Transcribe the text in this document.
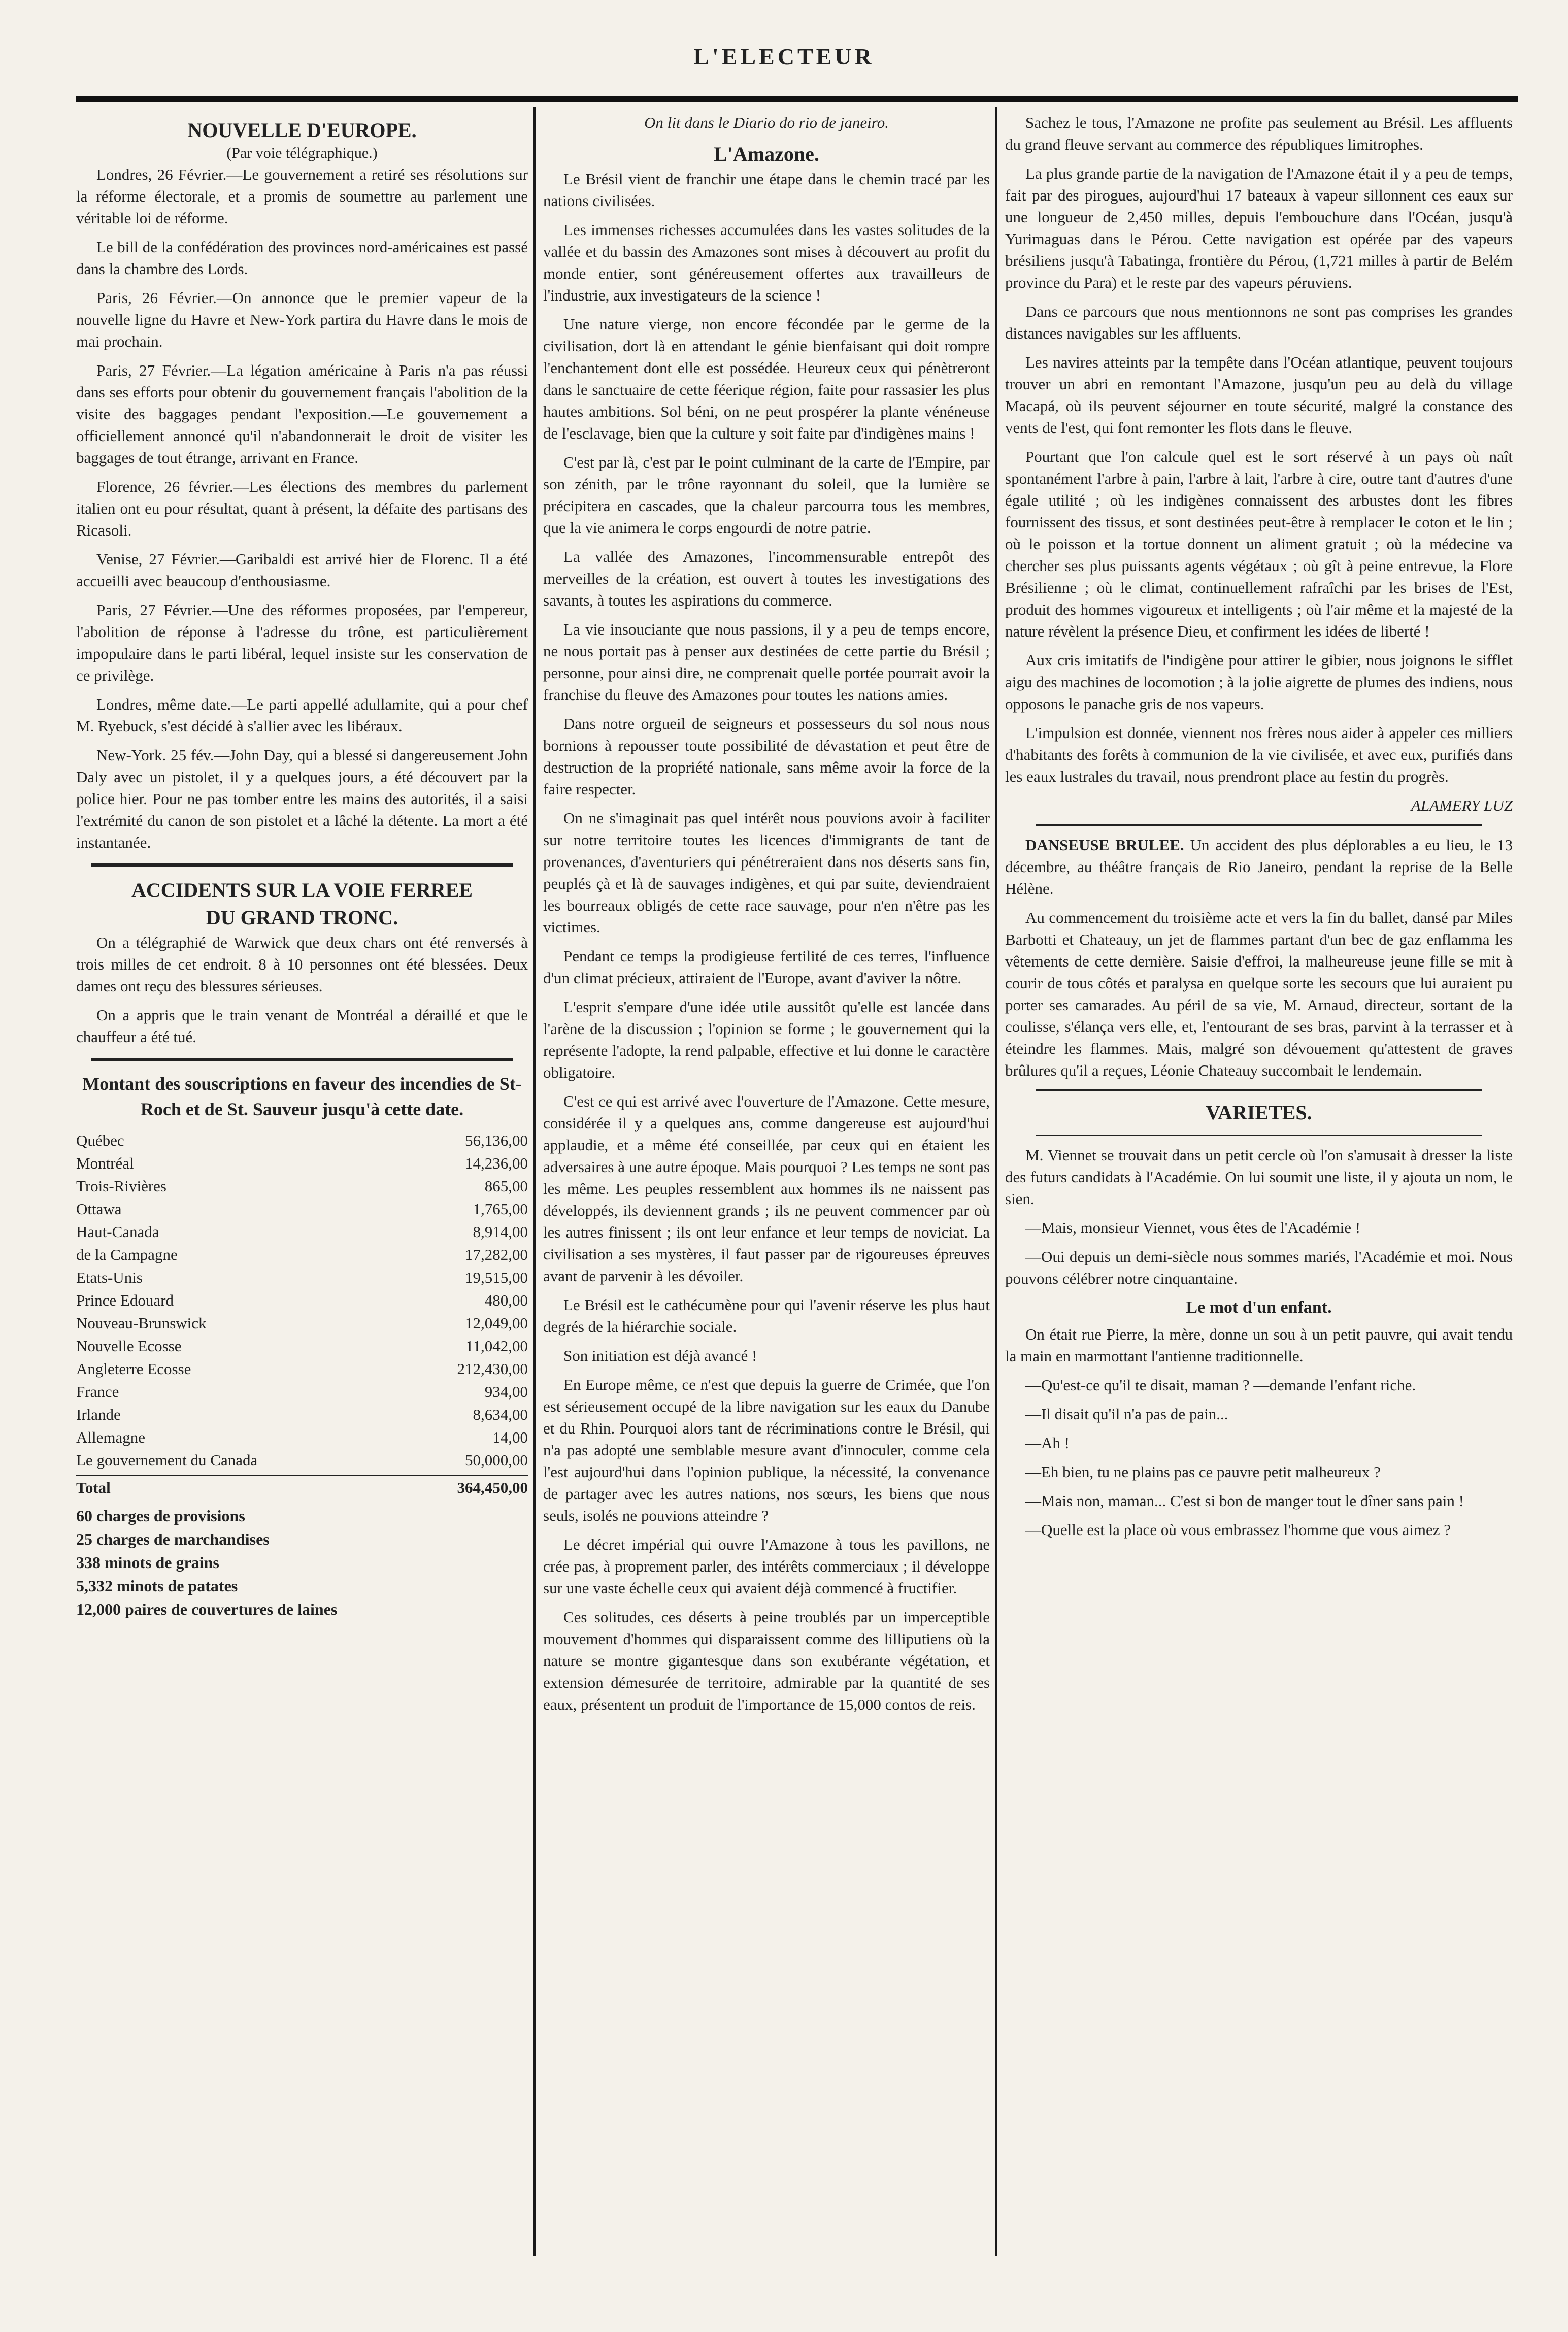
L'ELECTEUR
NOUVELLE D'EUROPE.
(Par voie télégraphique.)

Londres, 26 Février.—Le gouvernement a retiré ses résolutions sur la réforme électorale, et a promis de soumettre au parlement une véritable loi de réforme.

Le bill de la confédération des provinces nord-américaines est passé dans la chambre des Lords.

Paris, 26 Février.—On annonce que le premier vapeur de la nouvelle ligne du Havre et New-York partira du Havre dans le mois de mai prochain.

Paris, 27 Février.—La légation américaine à Paris n'a pas réussi dans ses efforts pour obtenir du gouvernement français l'abolition de la visite des baggages pendant l'exposition.—Le gouvernement a officiellement annoncé qu'il n'abandonnerait le droit de visiter les baggages de tout étrange, arrivant en France.

Florence, 26 février.—Les élections des membres du parlement italien ont eu pour résultat, quant à présent, la défaite des partisans des Ricasoli.

Venise, 27 Février.—Garibaldi est arrivé hier de Florenc. Il a été accueilli avec beaucoup d'enthousiasme.

Paris, 27 Février.—Une des réformes proposées, par l'empereur, l'abolition de réponse à l'adresse du trône, est particulièrement impopulaire dans le parti libéral, lequel insiste sur les conservation de ce privilège.

Londres, même date.—Le parti appellé adullamite, qui a pour chef M. Ryebuck, s'est décidé à s'allier avec les libéraux.

New-York. 25 fév.—John Day, qui a blessé si dangereusement John Daly avec un pistolet, il y a quelques jours, a été découvert par la police hier. Pour ne pas tomber entre les mains des autorités, il a saisi l'extrémité du canon de son pistolet et a lâché la détente. La mort a été instantanée.

ACCIDENTS SUR LA VOIE FERREE
DU GRAND TRONC.

On a télégraphié de Warwick que deux chars ont été renversés à trois milles de cet endroit. 8 à 10 personnes ont été blessées. Deux dames ont reçu des blessures sérieuses.

On a appris que le train venant de Montréal a déraillé et que le chauffeur a été tué.

Montant des souscriptions en faveur des incendies de St-Roch et de St. Sauveur jusqu'à cette date.
Québec	56,136,00
Montréal	14,236,00
Trois-Rivières	865,00
Ottawa	1,765,00
Haut-Canada	8,914,00
de la Campagne	17,282,00
Etats-Unis	19,515,00
Prince Edouard	480,00
Nouveau-Brunswick	12,049,00
Nouvelle Ecosse	11,042,00
Angleterre Ecosse	212,430,00
France	934,00
Irlande	8,634,00
Allemagne	14,00
Le gouvernement du Canada	50,000,00
Total	364,450,00
60 charges de provisions
25 charges de marchandises
338 minots de grains
5,332 minots de patates
12,000 paires de couvertures de laines

On lit dans le Diario do rio de janeiro.

L'Amazone.

Le Brésil vient de franchir une étape dans le chemin tracé par les nations civilisées.

Les immenses richesses accumulées dans les vastes solitudes de la vallée et du bassin des Amazones sont mises à découvert au profit du monde entier, sont généreusement offertes aux travailleurs de l'industrie, aux investigateurs de la science !

Une nature vierge, non encore fécondée par le germe de la civilisation, dort là en attendant le génie bienfaisant qui doit rompre l'enchantement dont elle est possédée. Heureux ceux qui pénètreront dans le sanctuaire de cette féerique région, faite pour rassasier les plus hautes ambitions. Sol béni, on ne peut prospérer la plante vénéneuse de l'esclavage, bien que la culture y soit faite par d'indigènes mains !

C'est par là, c'est par le point culminant de la carte de l'Empire, par son zénith, par le trône rayonnant du soleil, que la lumière se précipitera en cascades, que la chaleur parcourra tous les membres, que la vie animera le corps engourdi de notre patrie.

La vallée des Amazones, l'incommensurable entrepôt des merveilles de la création, est ouvert à toutes les investigations des savants, à toutes les aspirations du commerce.

La vie insouciante que nous passions, il y a peu de temps encore, ne nous portait pas à penser aux destinées de cette partie du Brésil ; personne, pour ainsi dire, ne comprenait quelle portée pourrait avoir la franchise du fleuve des Amazones pour toutes les nations amies.

Dans notre orgueil de seigneurs et possesseurs du sol nous nous bornions à repousser toute possibilité de dévastation et peut être de destruction de la propriété nationale, sans même avoir la force de la faire respecter.

On ne s'imaginait pas quel intérêt nous pouvions avoir à faciliter sur notre territoire toutes les licences d'immigrants de tant de provenances, d'aventuriers qui pénétreraient dans nos déserts sans fin, peuplés çà et là de sauvages indigènes, et qui par suite, deviendraient les bourreaux obligés de cette race sauvage, pour n'en n'être pas les victimes.

Pendant ce temps la prodigieuse fertilité de ces terres, l'influence d'un climat précieux, attiraient de l'Europe, avant d'aviver la nôtre.

L'esprit s'empare d'une idée utile aussitôt qu'elle est lancée dans l'arène de la discussion ; l'opinion se forme ; le gouvernement qui la représente l'adopte, la rend palpable, effective et lui donne le caractère obligatoire.

C'est ce qui est arrivé avec l'ouverture de l'Amazone. Cette mesure, considérée il y a quelques ans, comme dangereuse est aujourd'hui applaudie, et a même été conseillée, par ceux qui en étaient les adversaires à une autre époque. Mais pourquoi ? Les temps ne sont pas les même. Les peuples ressemblent aux hommes ils ne naissent pas développés, ils deviennent grands ; ils ne peuvent commencer par où les autres finissent ; ils ont leur enfance et leur temps de noviciat. La civilisation a ses mystères, il faut passer par de rigoureuses épreuves avant de parvenir à les dévoiler.

Le Brésil est le cathécumène pour qui l'avenir réserve les plus haut degrés de la hiérarchie sociale.

Son initiation est déjà avancé !

En Europe même, ce n'est que depuis la guerre de Crimée, que l'on est sérieusement occupé de la libre navigation sur les eaux du Danube et du Rhin. Pourquoi alors tant de récriminations contre le Brésil, qui n'a pas adopté une semblable mesure avant d'innoculer, comme cela l'est aujourd'hui dans l'opinion publique, la nécessité, la convenance de partager avec les autres nations, nos sœurs, les biens que nous seuls, isolés ne pouvions atteindre ?

Le décret impérial qui ouvre l'Amazone à tous les pavillons, ne crée pas, à proprement parler, des intérêts commerciaux ; il développe sur une vaste échelle ceux qui avaient déjà commencé à fructifier.

Ces solitudes, ces déserts à peine troublés par un imperceptible mouvement d'hommes qui disparaissent comme des lilliputiens où la nature se montre gigantesque dans son exubérante végétation, et extension démesurée de territoire, admirable par la quantité de ses eaux, présentent un produit de l'importance de 15,000 contos de reis.

Sachez le tous, l'Amazone ne profite pas seulement au Brésil. Les affluents du grand fleuve servant au commerce des républiques limitrophes.

La plus grande partie de la navigation de l'Amazone était il y a peu de temps, fait par des pirogues, aujourd'hui 17 bateaux à vapeur sillonnent ces eaux sur une longueur de 2,450 milles, depuis l'embouchure dans l'Océan, jusqu'à Yurimaguas dans le Pérou. Cette navigation est opérée par des vapeurs brésiliens jusqu'à Tabatinga, frontière du Pérou, (1,721 milles à partir de Belém province du Para) et le reste par des vapeurs péruviens.

Dans ce parcours que nous mentionnons ne sont pas comprises les grandes distances navigables sur les affluents.

Les navires atteints par la tempête dans l'Océan atlantique, peuvent toujours trouver un abri en remontant l'Amazone, jusqu'un peu au delà du village Macapá, où ils peuvent séjourner en toute sécurité, malgré la constance des vents de l'est, qui font remonter les flots dans le fleuve.

Pourtant que l'on calcule quel est le sort réservé à un pays où naît spontanément l'arbre à pain, l'arbre à lait, l'arbre à cire, outre tant d'autres d'une égale utilité ; où les indigènes connaissent des arbustes dont les fibres fournissent des tissus, et sont destinées peut-être à remplacer le coton et le lin ; où le poisson et la tortue donnent un aliment gratuit ; où la médecine va chercher ses plus puissants agents végétaux ; où gît à peine entrevue, la Flore Brésilienne ; où le climat, continuellement rafraîchi par les brises de l'Est, produit des hommes vigoureux et intelligents ; où l'air même et la majesté de la nature révèlent la présence Dieu, et confirment les idées de liberté !

Aux cris imitatifs de l'indigène pour attirer le gibier, nous joignons le sifflet aigu des machines de locomotion ; à la jolie aigrette de plumes des indiens, nous opposons le panache gris de nos vapeurs.

L'impulsion est donnée, viennent nos frères nous aider à appeler ces milliers d'habitants des forêts à communion de la vie civilisée, et avec eux, purifiés dans les eaux lustrales du travail, nous prendront place au festin du progrès.

ALAMERY LUZ

DANSEUSE BRULEE. Un accident des plus déplorables a eu lieu, le 13 décembre, au théâtre français de Rio Janeiro, pendant la reprise de la Belle Hélène.

Au commencement du troisième acte et vers la fin du ballet, dansé par Miles Barbotti et Chateauy, un jet de flammes partant d'un bec de gaz enflamma les vêtements de cette dernière. Saisie d'effroi, la malheureuse jeune fille se mit à courir de tous côtés et paralysa en quelque sorte les secours que lui auraient pu porter ses camarades. Au péril de sa vie, M. Arnaud, directeur, sortant de la coulisse, s'élança vers elle, et, l'entourant de ses bras, parvint à la terrasser et à éteindre les flammes. Mais, malgré son dévouement qu'attestent de graves brûlures qu'il a reçues, Léonie Chateauy succombait le lendemain.

VARIETES.

M. Viennet se trouvait dans un petit cercle où l'on s'amusait à dresser la liste des futurs candidats à l'Académie. On lui soumit une liste, il y ajouta un nom, le sien.

—Mais, monsieur Viennet, vous êtes de l'Académie !

—Oui depuis un demi-siècle nous sommes mariés, l'Académie et moi. Nous pouvons célébrer notre cinquantaine.

Le mot d'un enfant.

On était rue Pierre, la mère, donne un sou à un petit pauvre, qui avait tendu la main en marmottant l'antienne traditionnelle.

—Qu'est-ce qu'il te disait, maman ? —demande l'enfant riche.

—Il disait qu'il n'a pas de pain...

—Ah !

—Eh bien, tu ne plains pas ce pauvre petit malheureux ?

—Mais non, maman... C'est si bon de manger tout le dîner sans pain !

—Quelle est la place où vous embrassez l'homme que vous aimez ?
